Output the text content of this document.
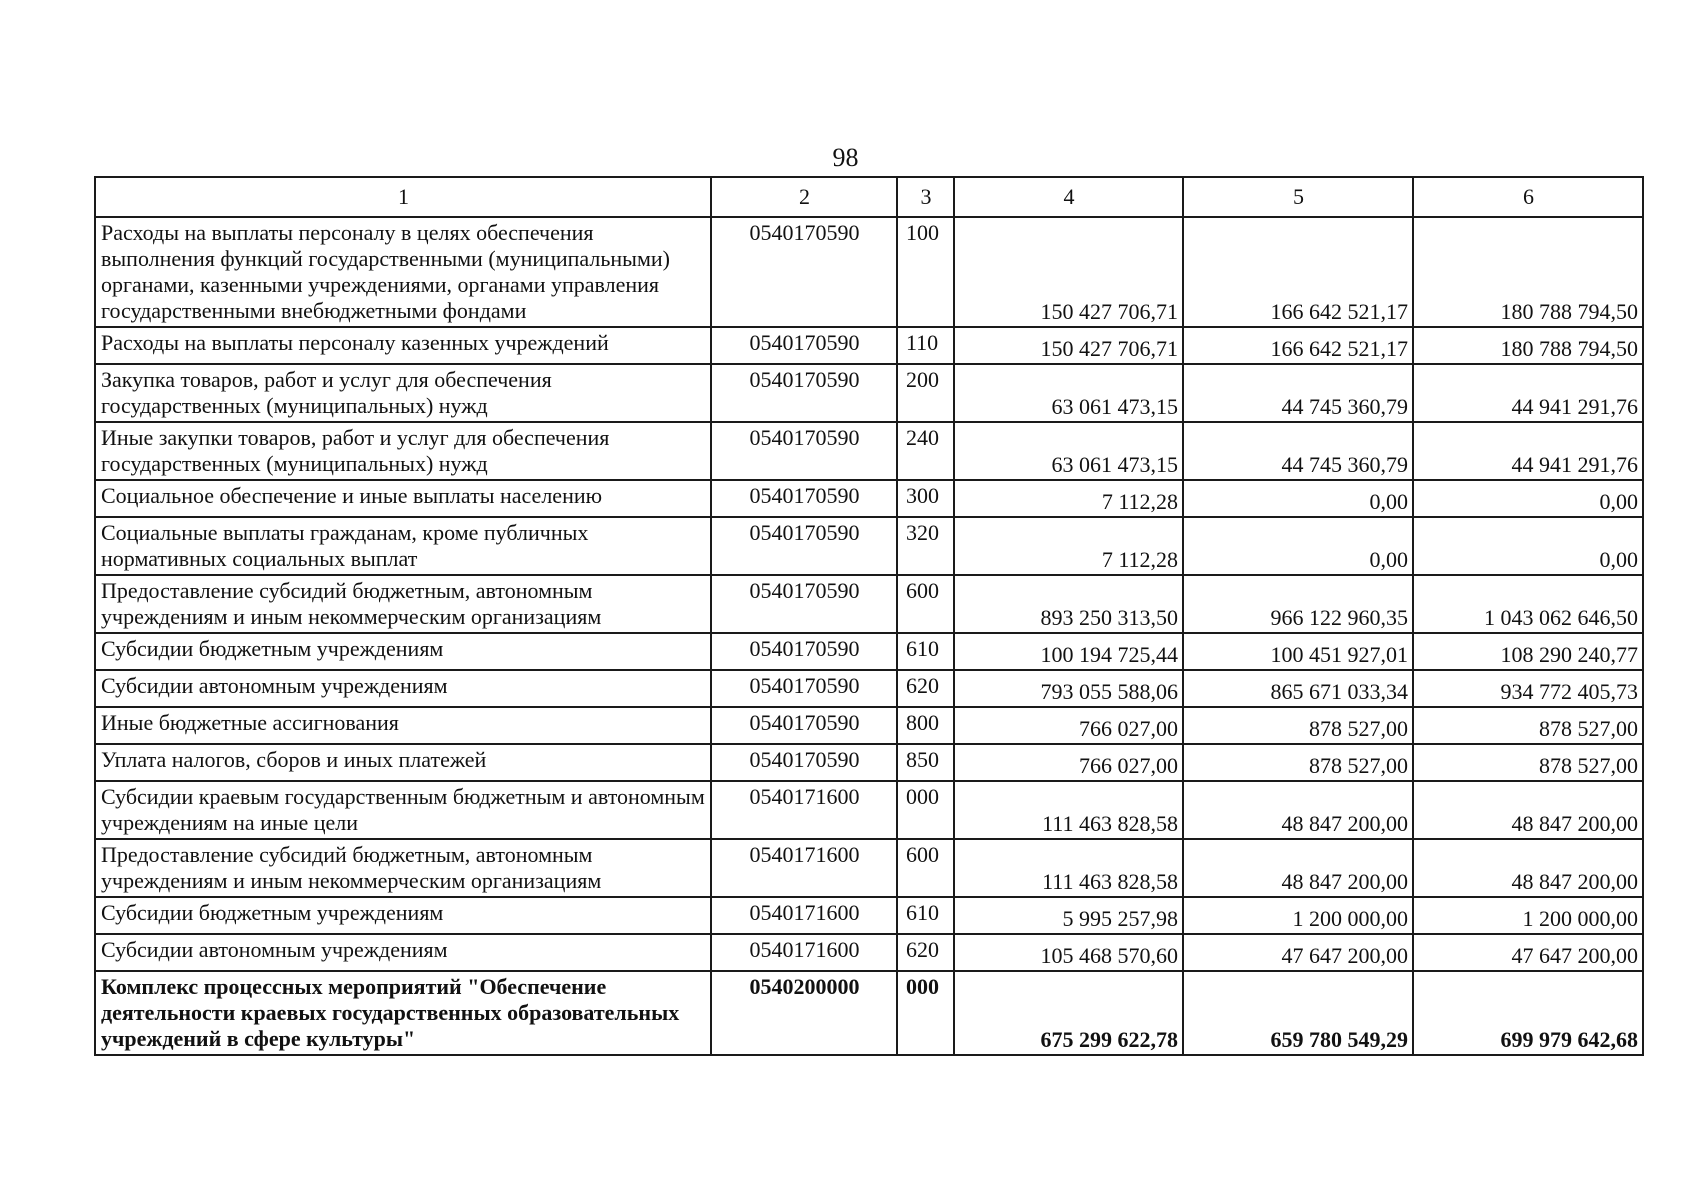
98
1	2	3	4	5	6
Расходы на выплаты персоналу в целях обеспечения выполнения функций государственными (муниципальными) органами, казенными учреждениями, органами управления государственными внебюджетными фондами	0540170590	100	150 427 706,71	166 642 521,17	180 788 794,50
Расходы на выплаты персоналу казенных учреждений	0540170590	110	150 427 706,71	166 642 521,17	180 788 794,50
Закупка товаров, работ и услуг для обеспечения государственных (муниципальных) нужд	0540170590	200	63 061 473,15	44 745 360,79	44 941 291,76
Иные закупки товаров, работ и услуг для обеспечения государственных (муниципальных) нужд	0540170590	240	63 061 473,15	44 745 360,79	44 941 291,76
Социальное обеспечение и иные выплаты населению	0540170590	300	7 112,28	0,00	0,00
Социальные выплаты гражданам, кроме публичных нормативных социальных выплат	0540170590	320	7 112,28	0,00	0,00
Предоставление субсидий бюджетным, автономным учреждениям и иным некоммерческим организациям	0540170590	600	893 250 313,50	966 122 960,35	1 043 062 646,50
Субсидии бюджетным учреждениям	0540170590	610	100 194 725,44	100 451 927,01	108 290 240,77
Субсидии автономным учреждениям	0540170590	620	793 055 588,06	865 671 033,34	934 772 405,73
Иные бюджетные ассигнования	0540170590	800	766 027,00	878 527,00	878 527,00
Уплата налогов, сборов и иных платежей	0540170590	850	766 027,00	878 527,00	878 527,00
Субсидии краевым государственным бюджетным и автономным учреждениям на иные цели	0540171600	000	111 463 828,58	48 847 200,00	48 847 200,00
Предоставление субсидий бюджетным, автономным учреждениям и иным некоммерческим организациям	0540171600	600	111 463 828,58	48 847 200,00	48 847 200,00
Субсидии бюджетным учреждениям	0540171600	610	5 995 257,98	1 200 000,00	1 200 000,00
Субсидии автономным учреждениям	0540171600	620	105 468 570,60	47 647 200,00	47 647 200,00
Комплекс процессных мероприятий "Обеспечение деятельности краевых государственных образовательных учреждений в сфере культуры"	0540200000	000	675 299 622,78	659 780 549,29	699 979 642,68
